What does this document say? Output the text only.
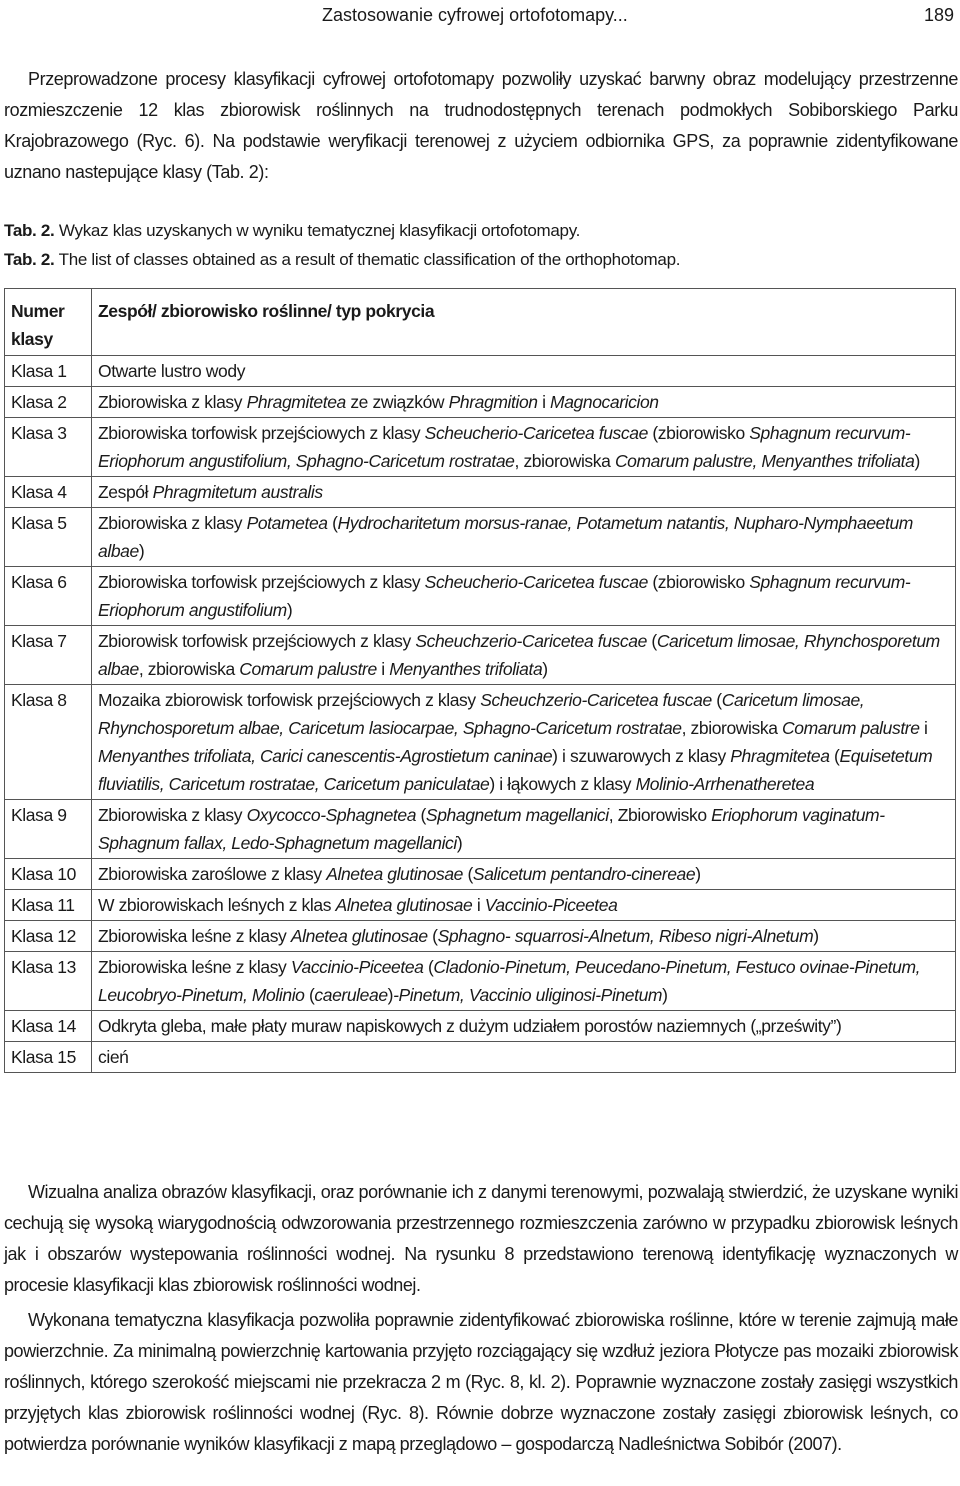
Zastosowanie cyfrowej ortofotomapy...	189
Przeprowadzone procesy klasyfikacji cyfrowej ortofotomapy pozwoliły uzyskać barwny obraz modelujący przestrzenne rozmieszczenie 12 klas zbiorowisk roślinnych na trudnodostępnych terenach podmokłych Sobiborskiego Parku Krajobrazowego (Ryc. 6). Na podstawie weryfikacji terenowej z użyciem odbiornika GPS, za poprawnie zidentyfikowane uznano nastepujące klasy (Tab. 2):
Tab. 2. Wykaz klas uzyskanych w wyniku tematycznej klasyfikacji ortofotomapy.
Tab. 2. The list of classes obtained as a result of thematic classification of the orthophotomap.
Numer klasy	Zespół/ zbiorowisko roślinne/ typ pokrycia
Klasa 1	Otwarte lustro wody
Klasa 2	Zbiorowiska z klasy Phragmitetea ze związków Phragmition i Magnocaricion
Klasa 3	Zbiorowiska torfowisk przejściowych z klasy Scheucherio-Caricetea fuscae (zbiorowisko Sphagnum recurvum-Eriophorum angustifolium, Sphagno-Caricetum rostratae, zbiorowiska Comarum palustre, Menyanthes trifoliata)
Klasa 4	Zespół Phragmitetum australis
Klasa 5	Zbiorowiska z klasy Potametea (Hydrocharitetum morsus-ranae, Potametum natantis, Nupharo-Nymphaeetum albae)
Klasa 6	Zbiorowiska torfowisk przejściowych z klasy Scheucherio-Caricetea fuscae (zbiorowisko Sphagnum recurvum-Eriophorum angustifolium)
Klasa 7	Zbiorowisk torfowisk przejściowych z klasy Scheuchzerio-Caricetea fuscae (Caricetum limosae, Rhynchosporetum albae, zbiorowiska Comarum palustre i Menyanthes trifoliata)
Klasa 8	Mozaika zbiorowisk torfowisk przejściowych z klasy Scheuchzerio-Caricetea fuscae (Caricetum limosae, Rhynchosporetum albae, Caricetum lasiocarpae, Sphagno-Caricetum rostratae, zbiorowiska Comarum palustre i Menyanthes trifoliata, Carici canescentis-Agrostietum caninae) i szuwarowych z klasy Phragmitetea (Equisetetum fluviatilis, Caricetum rostratae, Caricetum paniculatae) i łąkowych z klasy Molinio-Arrhenatheretea
Klasa 9	Zbiorowiska z klasy Oxycocco-Sphagnetea (Sphagnetum magellanici, Zbiorowisko Eriophorum vaginatum-Sphagnum fallax, Ledo-Sphagnetum magellanici)
Klasa 10	Zbiorowiska zaroślowe z klasy Alnetea glutinosae (Salicetum pentandro-cinereae)
Klasa 11	W zbiorowiskach leśnych z klas Alnetea glutinosae i Vaccinio-Piceetea
Klasa 12	Zbiorowiska leśne z klasy Alnetea glutinosae (Sphagno- squarrosi-Alnetum, Ribeso nigri-Alnetum)
Klasa 13	Zbiorowiska leśne z klasy Vaccinio-Piceetea (Cladonio-Pinetum, Peucedano-Pinetum, Festuco ovinae-Pinetum, Leucobryo-Pinetum, Molinio (caeruleae)-Pinetum, Vaccinio uliginosi-Pinetum)
Klasa 14	Odkryta gleba, małe płaty muraw napiskowych z dużym udziałem porostów naziemnych („prześwity”)
Klasa 15	cień

Wizualna analiza obrazów klasyfikacji, oraz porównanie ich z danymi terenowymi, pozwalają stwierdzić, że uzyskane wyniki cechują się wysoką wiarygodnością odwzorowania przestrzennego rozmieszczenia zarówno w przypadku zbiorowisk leśnych jak i obszarów wystepowania roślinności wodnej. Na rysunku 8 przedstawiono terenową identyfikację wyznaczonych w procesie klasyfikacji klas zbiorowisk roślinności wodnej.

Wykonana tematyczna klasyfikacja pozwoliła poprawnie zidentyfikować zbiorowiska roślinne, które w terenie zajmują małe powierzchnie. Za minimalną powierzchnię kartowania przyjęto rozciągający się wzdłuż jeziora Płotycze pas mozaiki zbiorowisk roślinnych, którego szerokość miejscami nie przekracza 2 m (Ryc. 8, kl. 2). Poprawnie wyznaczone zostały zasięgi wszystkich przyjętych klas zbiorowisk roślinności wodnej (Ryc. 8). Równie dobrze wyznaczone zostały zasięgi zbiorowisk leśnych, co potwierdza porównanie wyników klasyfikacji z mapą przeglądowo – gospodarczą Nadleśnictwa Sobibór (2007).
